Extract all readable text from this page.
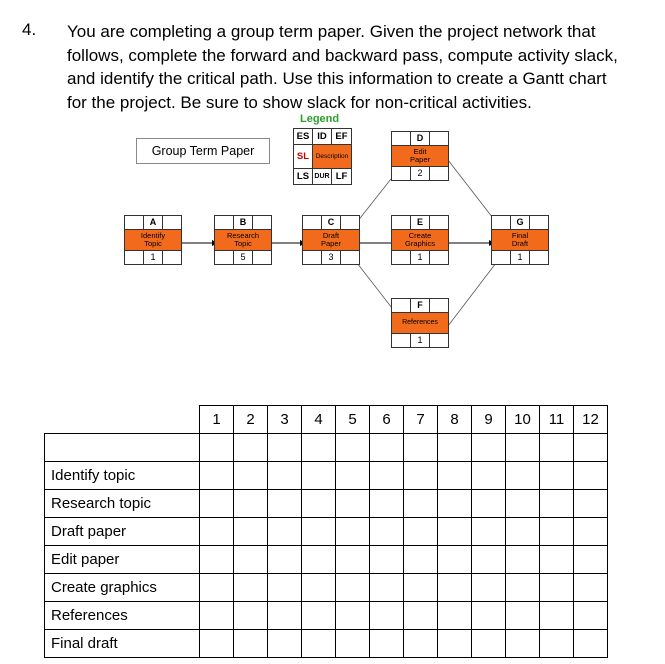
4. You are completing a group term paper. Given the project network that
follows, complete the forward and backward pass, compute activity slack,
and identify the critical path. Use this information to create a Gantt chart
for the project. Be sure to show slack for non-critical activities.
Legend
Group Term Paper
ES	ID	EF
SL	Description	
LS	DUR	LF
	A	

Identify
Topic		

	1	
	B	

Research
Topic		

	5	
	C	

Draft
Paper		

	3	
	D	

Edit
Paper		

	2	
	E	

Create
Graphics		

	1	
	F	
References		
	1	
	G	

Final
Draft		

	1	
	1	2	3	4	5	6	7	8	9	10	11	12

Identify topic												
Research topic												
Draft paper												
Edit paper												
Create graphics												
References												
Final draft												
